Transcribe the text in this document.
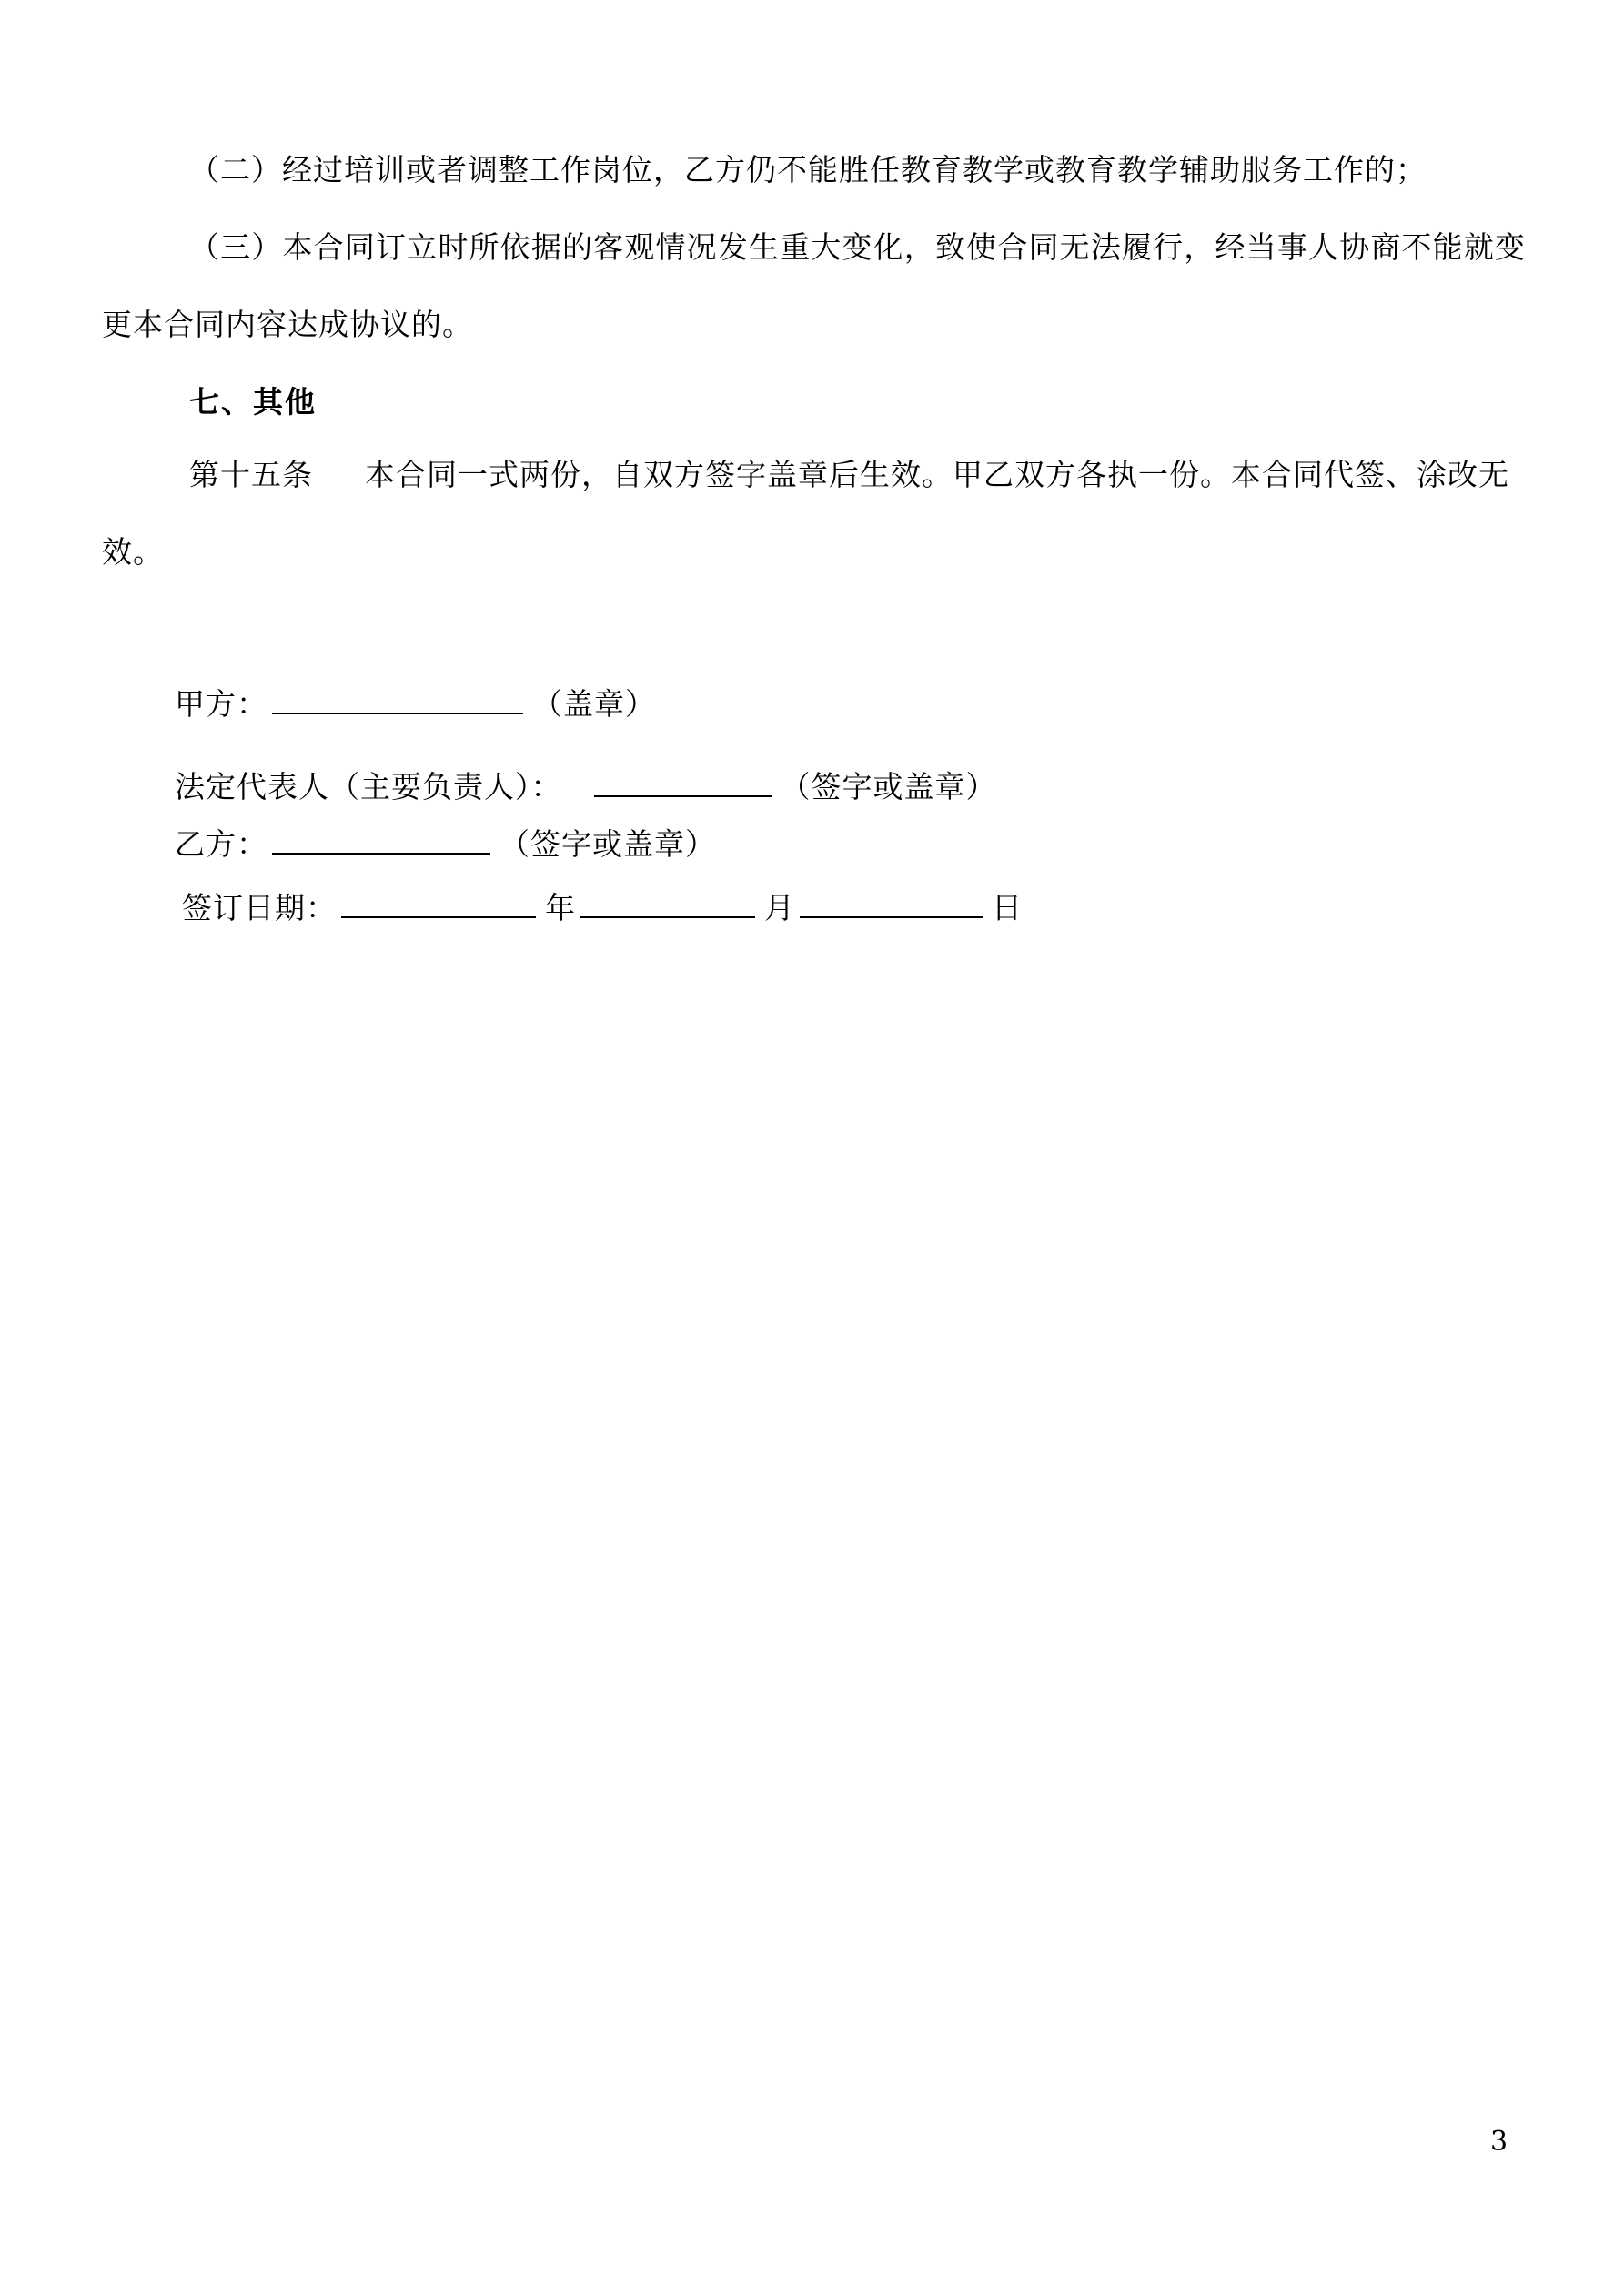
（二）经过培训或者调整工作岗位，乙方仍不能胜任教育教学或教育教学辅助服务工作的；

（三）本合同订立时所依据的客观情况发生重大变化，致使合同无法履行，经当事人协商不能就变更本合同内容达成协议的。

七、其他

第十五条 本合同一式两份，自双方签字盖章后生效。甲乙双方各执一份。本合同代签、涂改无效。

甲方：	（盖章）
法定代表人（主要负责人）：	（签字或盖章）
乙方：	（签字或盖章）
签订日期：	年	月	日
3
